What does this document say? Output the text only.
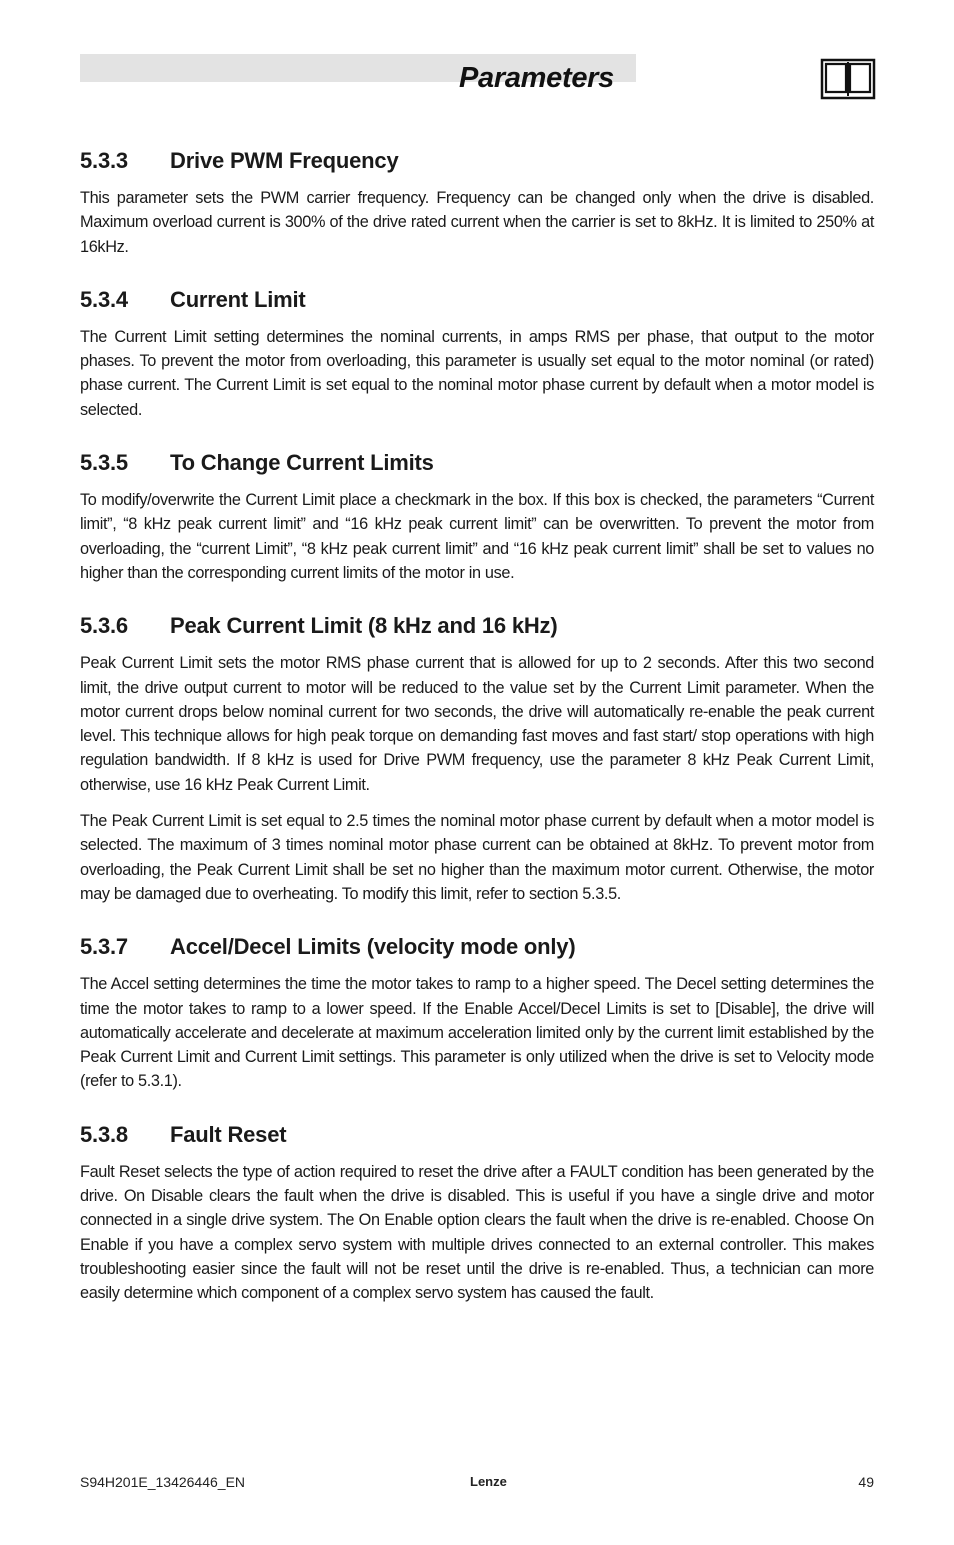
Parameters
5.3.3	Drive PWM Frequency

This parameter sets the PWM carrier frequency. Frequency can be changed only when the drive is disabled. Maximum overload current is 300% of the drive rated current when the carrier is set to 8kHz. It is limited to 250% at 16kHz.

5.3.4	Current Limit

The Current Limit setting determines the nominal currents, in amps RMS per phase, that output to the motor phases. To prevent the motor from overloading, this parameter is usually set equal to the motor nominal (or rated) phase current. The Current Limit is set equal to the nominal motor phase current by default when a motor model is selected.

5.3.5	To Change Current Limits

To modify/overwrite the Current Limit place a checkmark in the box. If this box is checked, the parameters “Current limit”, “8 kHz peak current limit” and “16 kHz peak current limit” can be overwritten. To prevent the motor from overloading, the “current Limit”, “8 kHz peak current limit” and “16 kHz peak current limit” shall be set to values no higher than the corresponding current limits of the motor in use.

5.3.6	Peak Current Limit (8 kHz and 16 kHz)

Peak Current Limit sets the motor RMS phase current that is allowed for up to 2 seconds. After this two second limit, the drive output current to motor will be reduced to the value set by the Current Limit parameter. When the motor current drops below nominal current for two seconds, the drive will automatically re-enable the peak current level. This technique allows for high peak torque on demanding fast moves and fast start/ stop operations with high regulation bandwidth. If 8 kHz is used for Drive PWM frequency, use the parameter 8 kHz Peak Current Limit, otherwise, use 16 kHz Peak Current Limit.

The Peak Current Limit is set equal to 2.5 times the nominal motor phase current by default when a motor model is selected. The maximum of 3 times nominal motor phase current can be obtained at 8kHz. To prevent motor from overloading, the Peak Current Limit shall be set no higher than the maximum motor current. Otherwise, the motor may be damaged due to overheating. To modify this limit, refer to section 5.3.5.

5.3.7	Accel/Decel Limits (velocity mode only)

The Accel setting determines the time the motor takes to ramp to a higher speed. The Decel setting determines the time the motor takes to ramp to a lower speed. If the Enable Accel/Decel Limits is set to [Disable], the drive will automatically accelerate and decelerate at maximum acceleration limited only by the current limit established by the Peak Current Limit and Current Limit settings. This parameter is only utilized when the drive is set to Velocity mode (refer to 5.3.1).

5.3.8	Fault Reset

Fault Reset selects the type of action required to reset the drive after a FAULT condition has been generated by the drive. On Disable clears the fault when the drive is disabled. This is useful if you have a single drive and motor connected in a single drive system. The On Enable option clears the fault when the drive is re-enabled. Choose On Enable if you have a complex servo system with multiple drives connected to an external controller. This makes troubleshooting easier since the fault will not be reset until the drive is re-enabled. Thus, a technician can more easily determine which component of a complex servo system has caused the fault.

S94H201E_13426446_EN	Lenze	49
